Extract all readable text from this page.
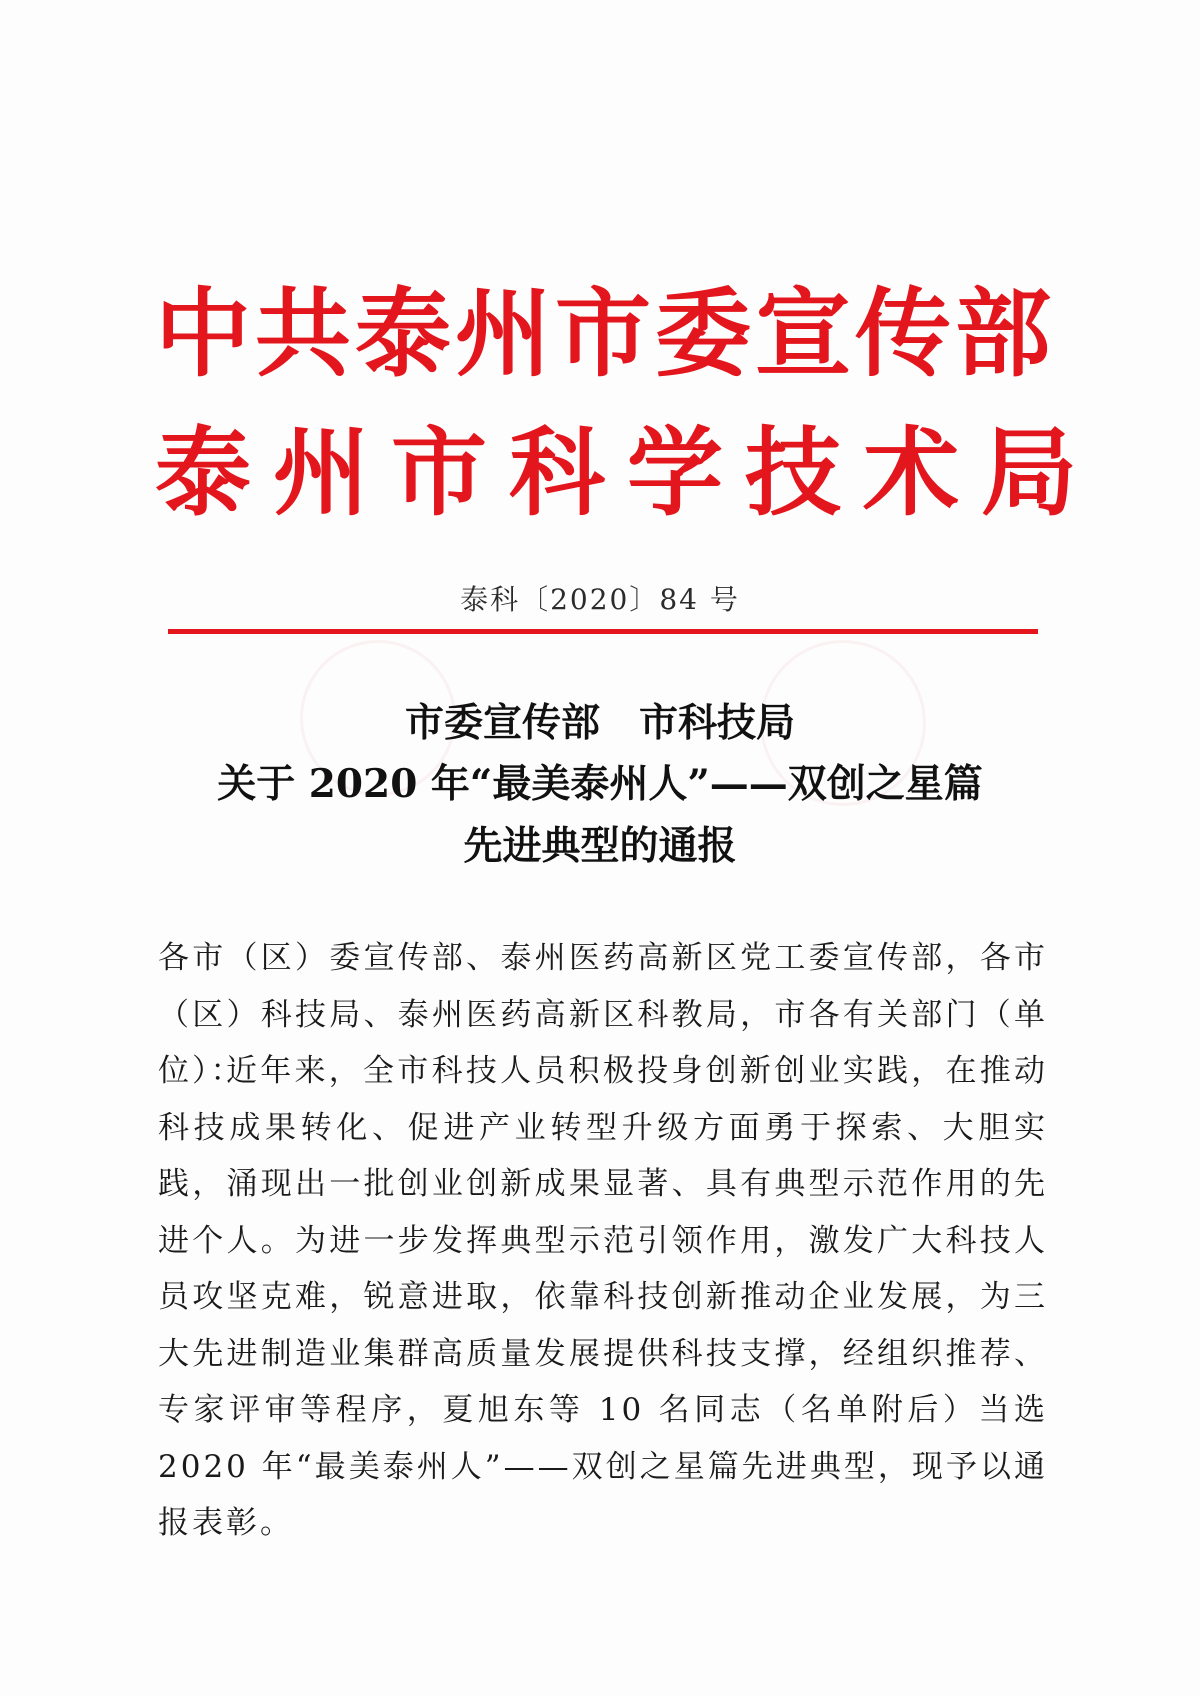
中共泰州市委宣传部
泰州市科学技术局
泰科〔2020〕84 号
市委宣传部　市科技局
关于 2020 年“最美泰州人”——双创之星篇
先进典型的通报
各市（区）委宣传部、泰州医药高新区党工委宣传部，各市（区）科技局、泰州医药高新区科教局，市各有关部门（单位）：
近年来，全市科技人员积极投身创新创业实践，在推动科技成果转化、促进产业转型升级方面勇于探索、大胆实践，涌现出一批创业创新成果显著、具有典型示范作用的先进个人。为进一步发挥典型示范引领作用，激发广大科技人员攻坚克难，锐意进取，依靠科技创新推动企业发展，为三大先进制造业集群高质量发展提供科技支撑，经组织推荐、专家评审等程序，夏旭东等 10 名同志（名单附后）当选 2020 年“最美泰州人”——双创之星篇先进典型，现予以通报表彰。
